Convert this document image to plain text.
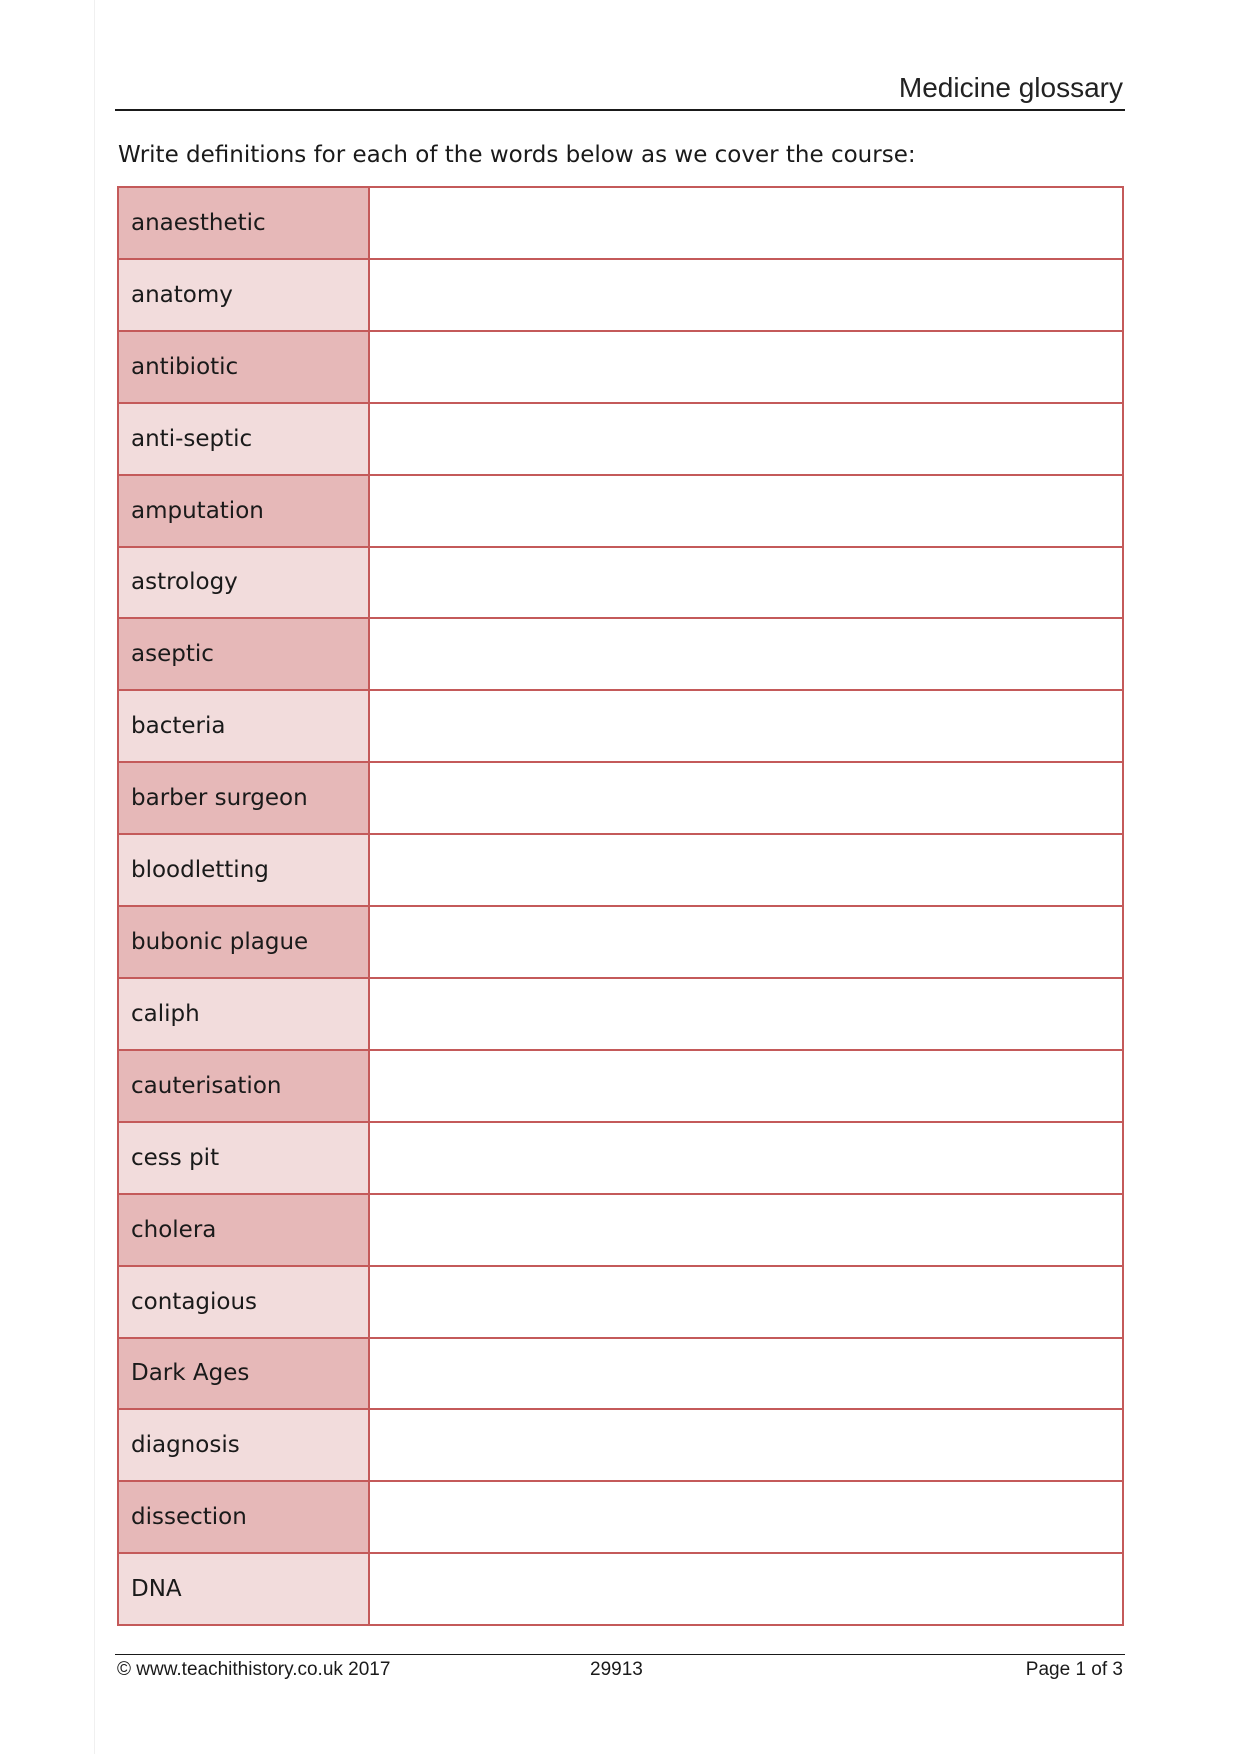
Medicine glossary
Write definitions for each of the words below as we cover the course:
anaesthetic
anatomy
antibiotic
anti-septic
amputation
astrology
aseptic
bacteria
barber surgeon
bloodletting
bubonic plague
caliph
cauterisation
cess pit
cholera
contagious
Dark Ages
diagnosis
dissection
DNA
© www.teachithistory.co.uk 2017	29913	Page 1 of 3
